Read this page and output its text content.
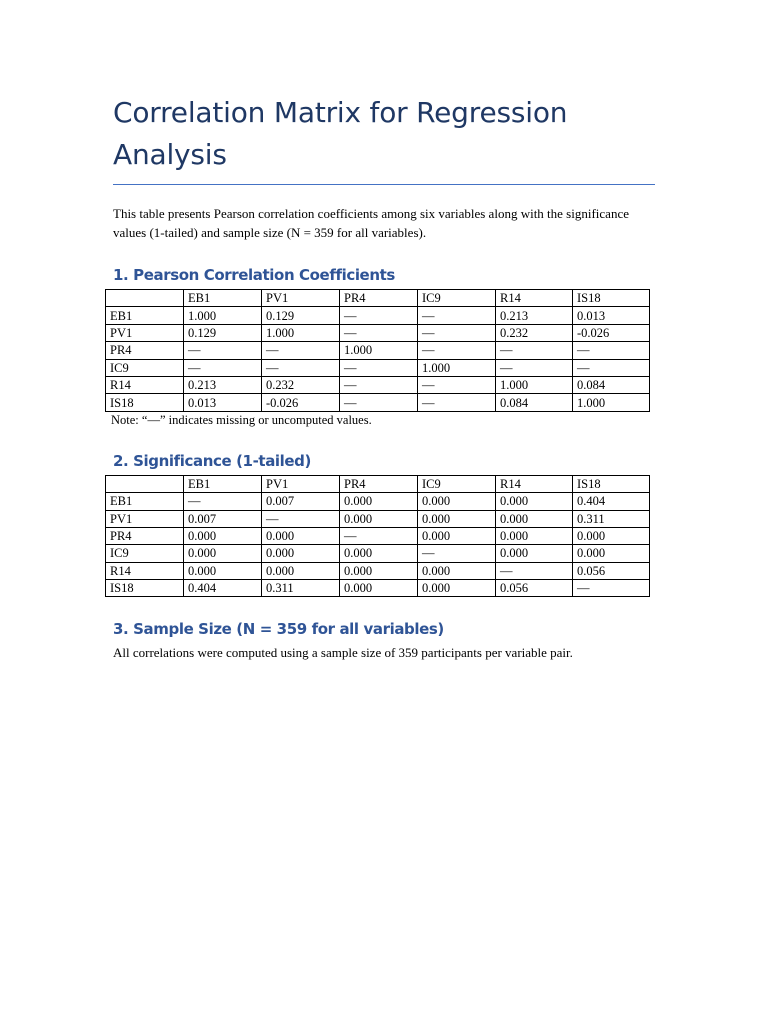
Correlation Matrix for Regression Analysis

This table presents Pearson correlation coefficients among six variables along with the significance values (1-tailed) and sample size (N = 359 for all variables).

1. Pearson Correlation Coefficients
	EB1	PV1	PR4	IC9	R14	IS18
EB1	1.000	0.129	—	—	0.213	0.013
PV1	0.129	1.000	—	—	0.232	-0.026
PR4	—	—	1.000	—	—	—
IC9	—	—	—	1.000	—	—
R14	0.213	0.232	—	—	1.000	0.084
IS18	0.013	-0.026	—	—	0.084	1.000
Note: “—” indicates missing or uncomputed values.
2. Significance (1-tailed)
	EB1	PV1	PR4	IC9	R14	IS18
EB1	—	0.007	0.000	0.000	0.000	0.404
PV1	0.007	—	0.000	0.000	0.000	0.311
PR4	0.000	0.000	—	0.000	0.000	0.000
IC9	0.000	0.000	0.000	—	0.000	0.000
R14	0.000	0.000	0.000	0.000	—	0.056
IS18	0.404	0.311	0.000	0.000	0.056	—
3. Sample Size (N = 359 for all variables)

All correlations were computed using a sample size of 359 participants per variable pair.
